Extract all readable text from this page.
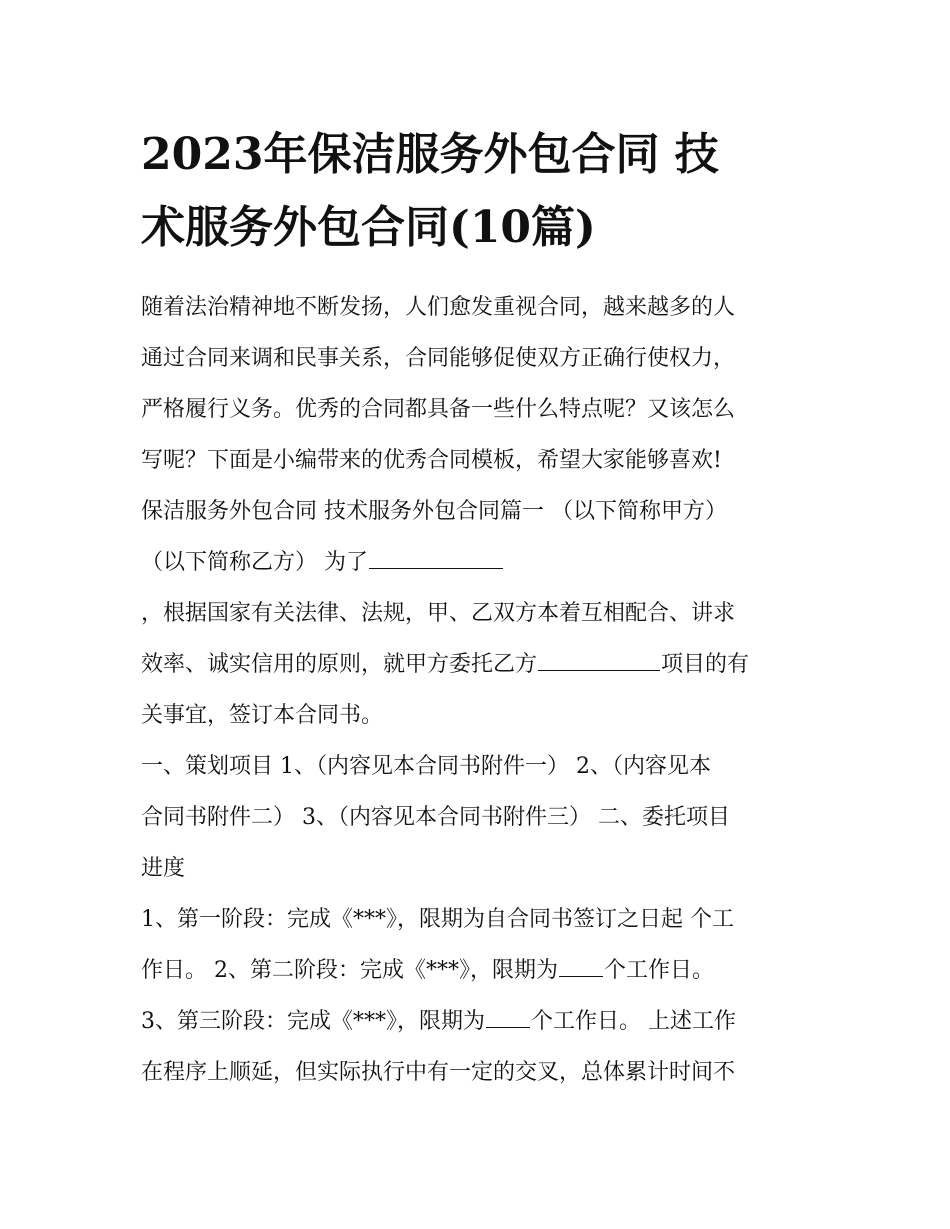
2023年保洁服务外包合同 技
术服务外包合同(10篇)
随着法治精神地不断发扬，人们愈发重视合同，越来越多的人
通过合同来调和民事关系，合同能够促使双方正确行使权力，
严格履行义务。优秀的合同都具备一些什么特点呢？又该怎么
写呢？下面是小编带来的优秀合同模板，希望大家能够喜欢!
保洁服务外包合同 技术服务外包合同篇一 （以下简称甲方）
（以下简称乙方） 为了
，根据国家有关法律、法规，甲、乙双方本着互相配合、讲求
效率、诚实信用的原则，就甲方委托乙方	项目的有
关事宜，签订本合同书。
一、策划项目 1、（内容见本合同书附件一） 2、（内容见本
合同书附件二） 3、（内容见本合同书附件三） 二、委托项目
进度
1、第一阶段：完成《***》，限期为自合同书签订之日起 个工
作日。 2、第二阶段：完成《***》，限期为 个工作日。
3、第三阶段：完成《***》，限期为 个工作日。 上述工作
在程序上顺延，但实际执行中有一定的交叉，总体累计时间不
